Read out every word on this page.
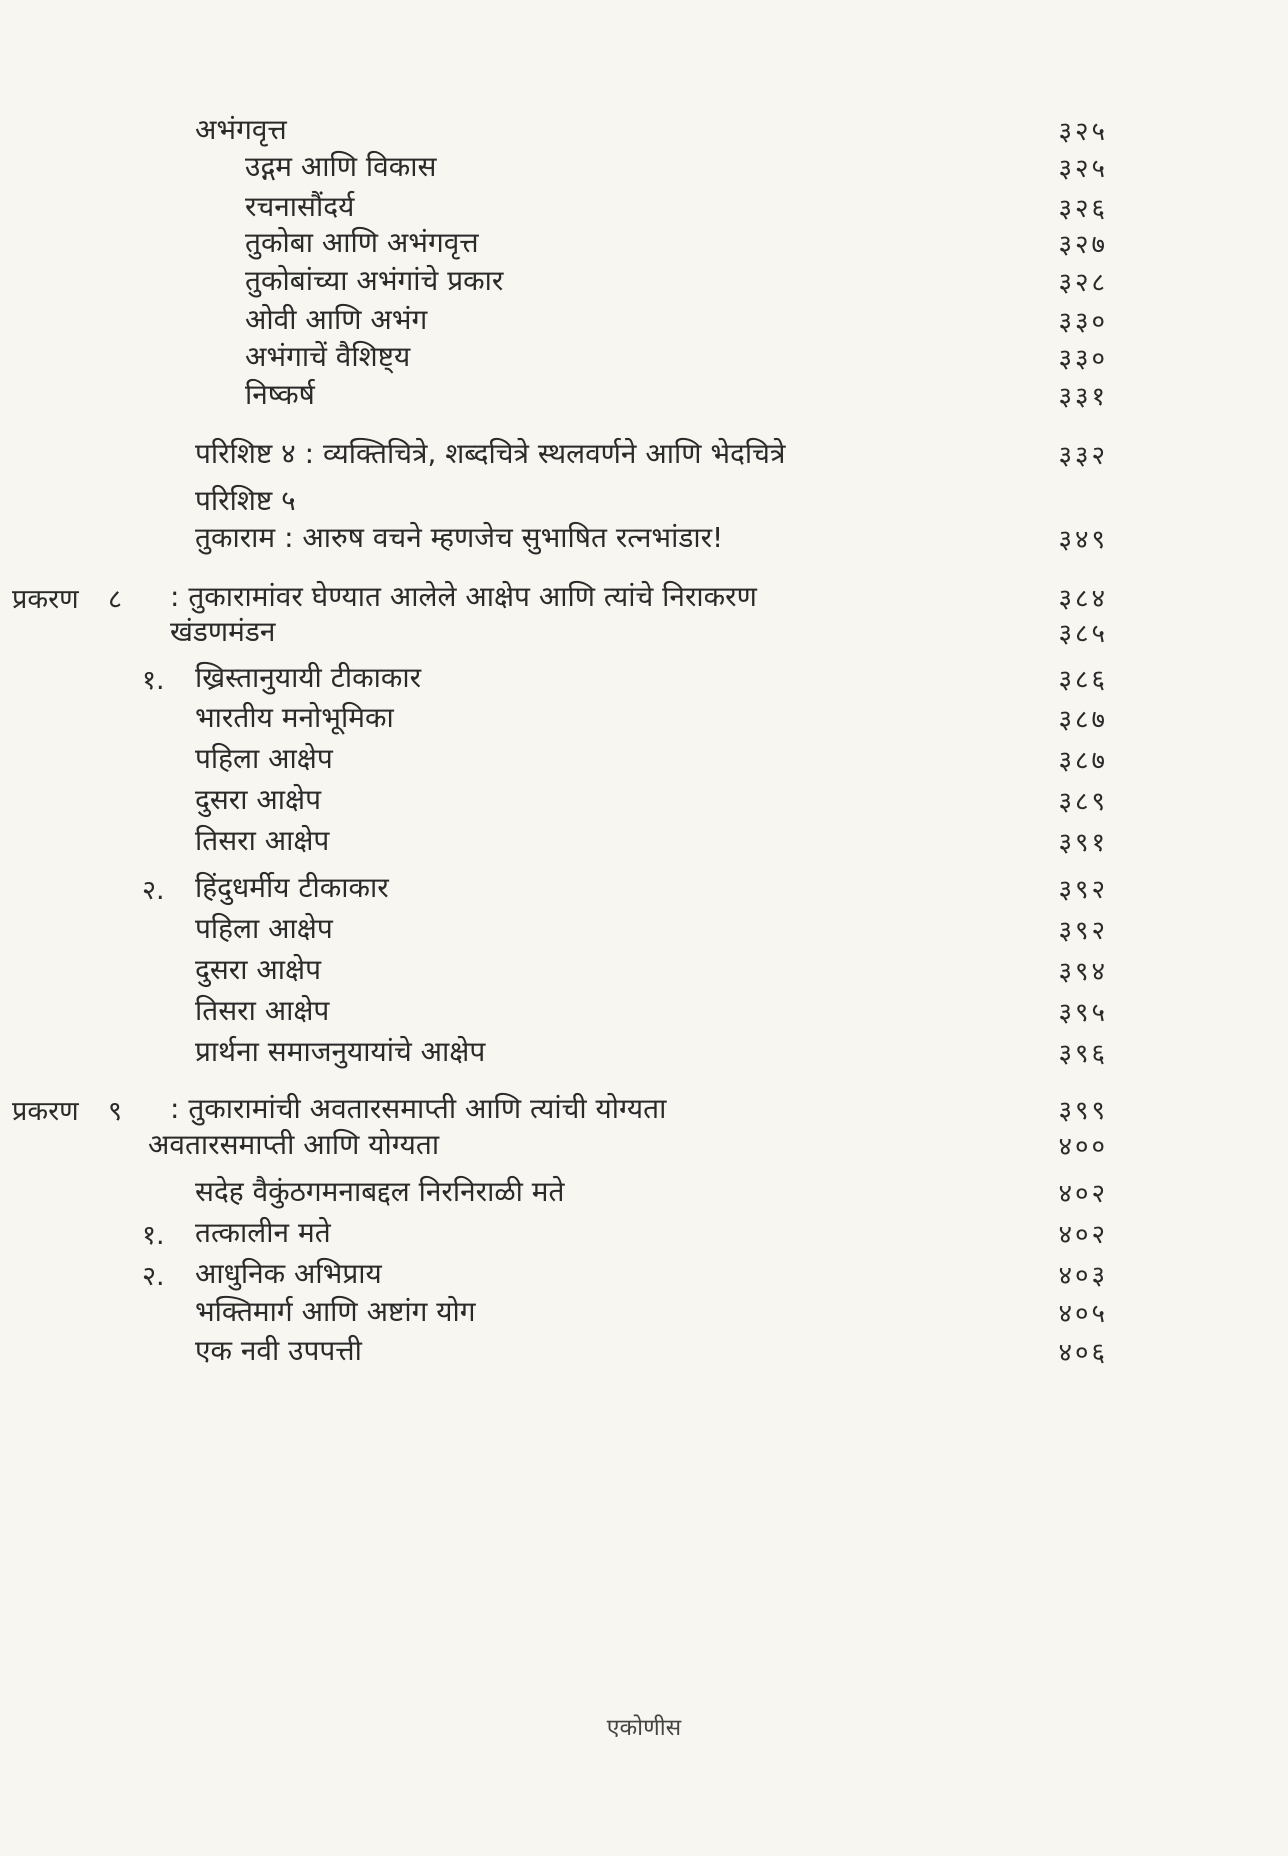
अभंगवृत्त	३२५
उद्गम आणि विकास	३२५
रचनासौंदर्य	३२६
तुकोबा आणि अभंगवृत्त	३२७
तुकोबांच्या अभंगांचे प्रकार	३२८
ओवी आणि अभंग	३३०
अभंगाचें वैशिष्ट्य	३३०
निष्कर्ष	३३१
परिशिष्ट ४ : व्यक्तिचित्रे, शब्दचित्रे स्थलवर्णने आणि भेदचित्रे	३३२
परिशिष्ट ५
तुकाराम : आरुष वचने म्हणजेच सुभाषित रत्नभांडार!	३४९
प्रकरण ८ : तुकारामांवर घेण्यात आलेले आक्षेप आणि त्यांचे निराकरण	३८४
खंडणमंडन	३८५
१. ख्रिस्तानुयायी टीकाकार	३८६
भारतीय मनोभूमिका	३८७
पहिला आक्षेप	३८७
दुसरा आक्षेप	३८९
तिसरा आक्षेप	३९१
२. हिंदुधर्मीय टीकाकार	३९२
पहिला आक्षेप	३९२
दुसरा आक्षेप	३९४
तिसरा आक्षेप	३९५
प्रार्थना समाजनुयायांचे आक्षेप	३९६
प्रकरण ९ : तुकारामांची अवतारसमाप्ती आणि त्यांची योग्यता	३९९
अवतारसमाप्ती आणि योग्यता	४००
सदेह वैकुंठगमनाबद्दल निरनिराळी मते	४०२
१. तत्कालीन मते	४०२
२. आधुनिक अभिप्राय	४०३
भक्तिमार्ग आणि अष्टांग योग	४०५
एक नवी उपपत्ती	४०६
एकोणीस
